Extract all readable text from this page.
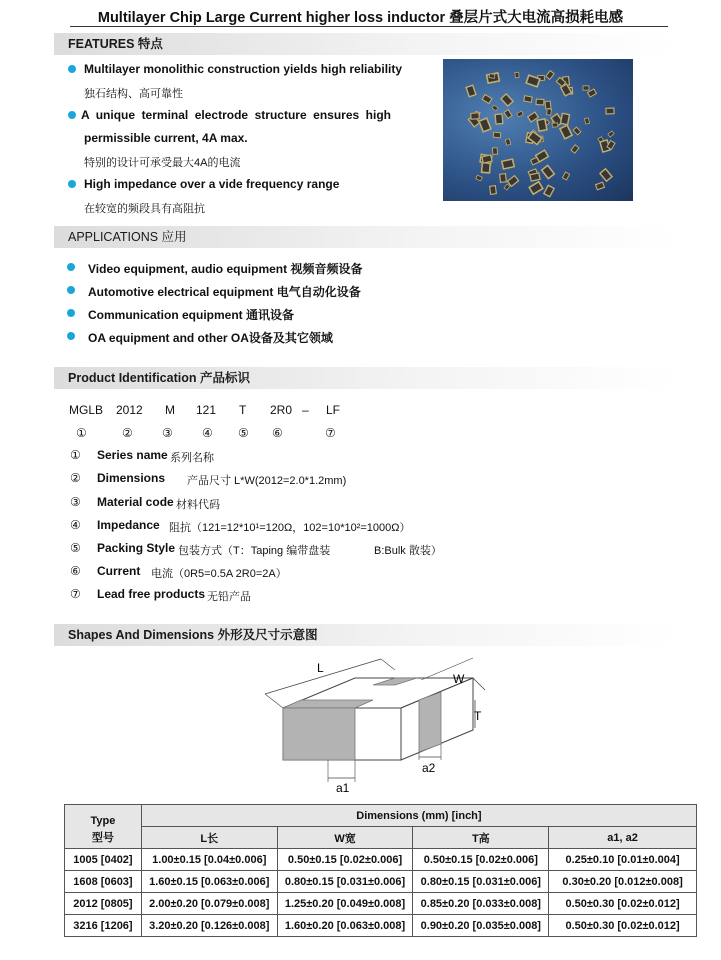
Multilayer Chip Large Current higher loss inductor 叠层片式大电流高损耗电感
FEATURES 特点
Multilayer monolithic construction yields high reliability
独石结构、高可靠性
A unique terminal electrode structure ensures high
permissible current, 4A max.
特别的设计可承受最大4A的电流
High impedance over a vide frequency range
在较宽的频段具有高阻抗
APPLICATIONS 应用
Video equipment, audio equipment 视频音频设备
Automotive electrical equipment 电气自动化设备
Communication equipment 通讯设备
OA equipment and other OA设备及其它领域
Product Identification 产品标识
MGLB 2012 M 121 T 2R0 – LF
①	② ③ ④ ⑤ ⑥	⑦
① Series name 系列名称
② Dimensions 产品尺寸 L*W(2012=2.0*1.2mm)
③ Material code 材料代码
④ Impedance 阻抗（121=12*10¹=120Ω，102=10*10²=1000Ω）
⑤ Packing Style 包装方式（T：Taping 编带盘装	B:Bulk 散装）
⑥ Current 电流（0R5=0.5A 2R0=2A）
⑦ Lead free products 无铅产品
Shapes And Dimensions 外形及尺寸示意图
L
W
T
a1
a2
Type	Dimensions (mm) [inch]			
型号	L长	W宽	T高	a1, a2
1005 [0402]	1.00±0.15 [0.04±0.006]	0.50±0.15 [0.02±0.006]	0.50±0.15 [0.02±0.006]	0.25±0.10 [0.01±0.004]
1608 [0603]	1.60±0.15 [0.063±0.006]	0.80±0.15 [0.031±0.006]	0.80±0.15 [0.031±0.006]	0.30±0.20 [0.012±0.008]
2012 [0805]	2.00±0.20 [0.079±0.008]	1.25±0.20 [0.049±0.008]	0.85±0.20 [0.033±0.008]	0.50±0.30 [0.02±0.012]
3216 [1206]	3.20±0.20 [0.126±0.008]	1.60±0.20 [0.063±0.008]	0.90±0.20 [0.035±0.008]	0.50±0.30 [0.02±0.012]
